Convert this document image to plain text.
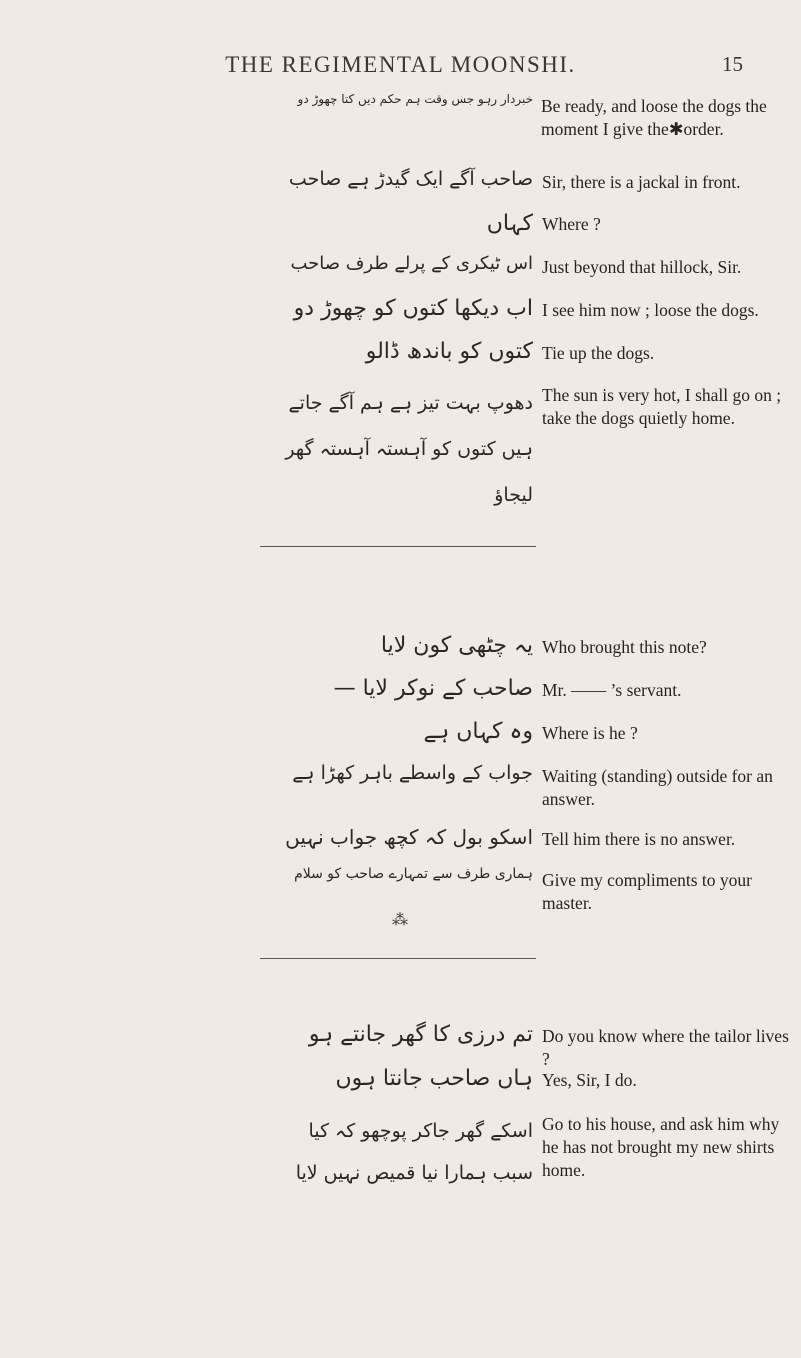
THE REGIMENTAL MOONSHI.	15
خبردار رہو جس وقت ہم حکم دیں کتا چھوڑ دو Be ready, and loose the dogs the moment I give the✱order.
صاحب آگے ایک گیدڑ ہے صاحب Sir, there is a jackal in front.
کہاں Where ?
اس ٹیکری کے پرلے طرف صاحب Just beyond that hillock, Sir.
اب دیکھا کتوں کو چھوڑ دو I see him now ; loose the dogs.
کتوں کو باندھ ڈالو Tie up the dogs.
دھوپ بہت تیز ہے ہم آگے جاتے ہیں کتوں کو آہستہ آہستہ گھر لیجاؤ
The sun is very hot, I shall go on ; take the dogs quietly home.
یہ چٹھی کون لایا Who brought this note?
صاحب کے نوکر لایا — Mr. —— ’s servant.
وہ کہاں ہے Where is he ?
جواب کے واسطے باہر کھڑا ہے Waiting (standing) outside for an answer.
اسکو بول کہ کچھ جواب نہیں Tell him there is no answer.
ہماری طرف سے تمہارے صاحب کو سلام Give my compliments to your master.
⁂
تم درزی کا گھر جانتے ہو Do you know where the tailor lives ?
ہاں صاحب جانتا ہوں Yes, Sir, I do.
اسکے گھر جاکر پوچھو کہ کیا سبب ہمارا نیا قمیص نہیں لایا
Go to his house, and ask him why he has not brought my new shirts home.
